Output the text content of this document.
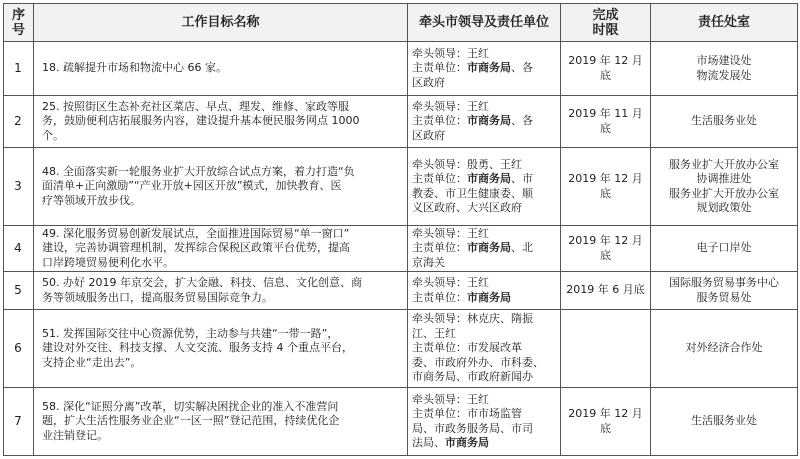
序
号	工作目标名称	牵头市领导及责任单位	完成
时限	责任处室

1	18. 疏解提升市场和物流中心 66 家。	牵头领导：王红
主责单位：市商务局、各
区政府	2019 年 12 月
底	市场建设处
物流发展处

2	25. 按照街区生态补充社区菜店、早点、理发、维修、家政等服
务，鼓励便利店拓展服务内容，建设提升基本便民服务网点 1000
个。	牵头领导：王红
主责单位：市商务局、各
区政府	2019 年 11 月
底	生活服务业处

3	48. 全面落实新一轮服务业扩大开放综合试点方案，着力打造“负
面清单+正向激励”“产业开放+园区开放”模式，加快教育、医
疗等领域开放步伐。	牵头领导：殷勇、王红
主责单位：市商务局、市
教委、市卫生健康委、顺
义区政府、大兴区政府	2019 年 12 月
底	服务业扩大开放办公室
协调推进处
服务业扩大开放办公室
规划政策处

4	49. 深化服务贸易创新发展试点，全面推进国际贸易“单一窗口”
建设，完善协调管理机制，发挥综合保税区政策平台优势，提高
口岸跨境贸易便利化水平。	牵头领导：王红
主责单位：市商务局、北
京海关	2019 年 12 月
底	电子口岸处

5	50. 办好 2019 年京交会，扩大金融、科技、信息、文化创意、商
务等领域服务出口，提高服务贸易国际竞争力。	牵头领导：王红
主责单位：市商务局	2019 年 6 月底	国际服务贸易事务中心
服务贸易处

6	51. 发挥国际交往中心资源优势，主动参与共建“一带一路”，
建设对外交往、科技支撑、人文交流、服务支持 4 个重点平台，
支持企业“走出去”。	牵头领导：林克庆、隋振
江、王红
主责单位：市发展改革
委、市政府外办、市科委、
市商务局、市政府新闻办		对外经济合作处

7	58. 深化“证照分离”改革，切实解决困扰企业的准入不准营问
题，扩大生活性服务业企业“一区一照”登记范围，持续优化企
业注销登记。	牵头领导：王红
主责单位：市市场监管
局、市政务服务局、市司
法局、市商务局	2019 年 12 月
底	生活服务业处
